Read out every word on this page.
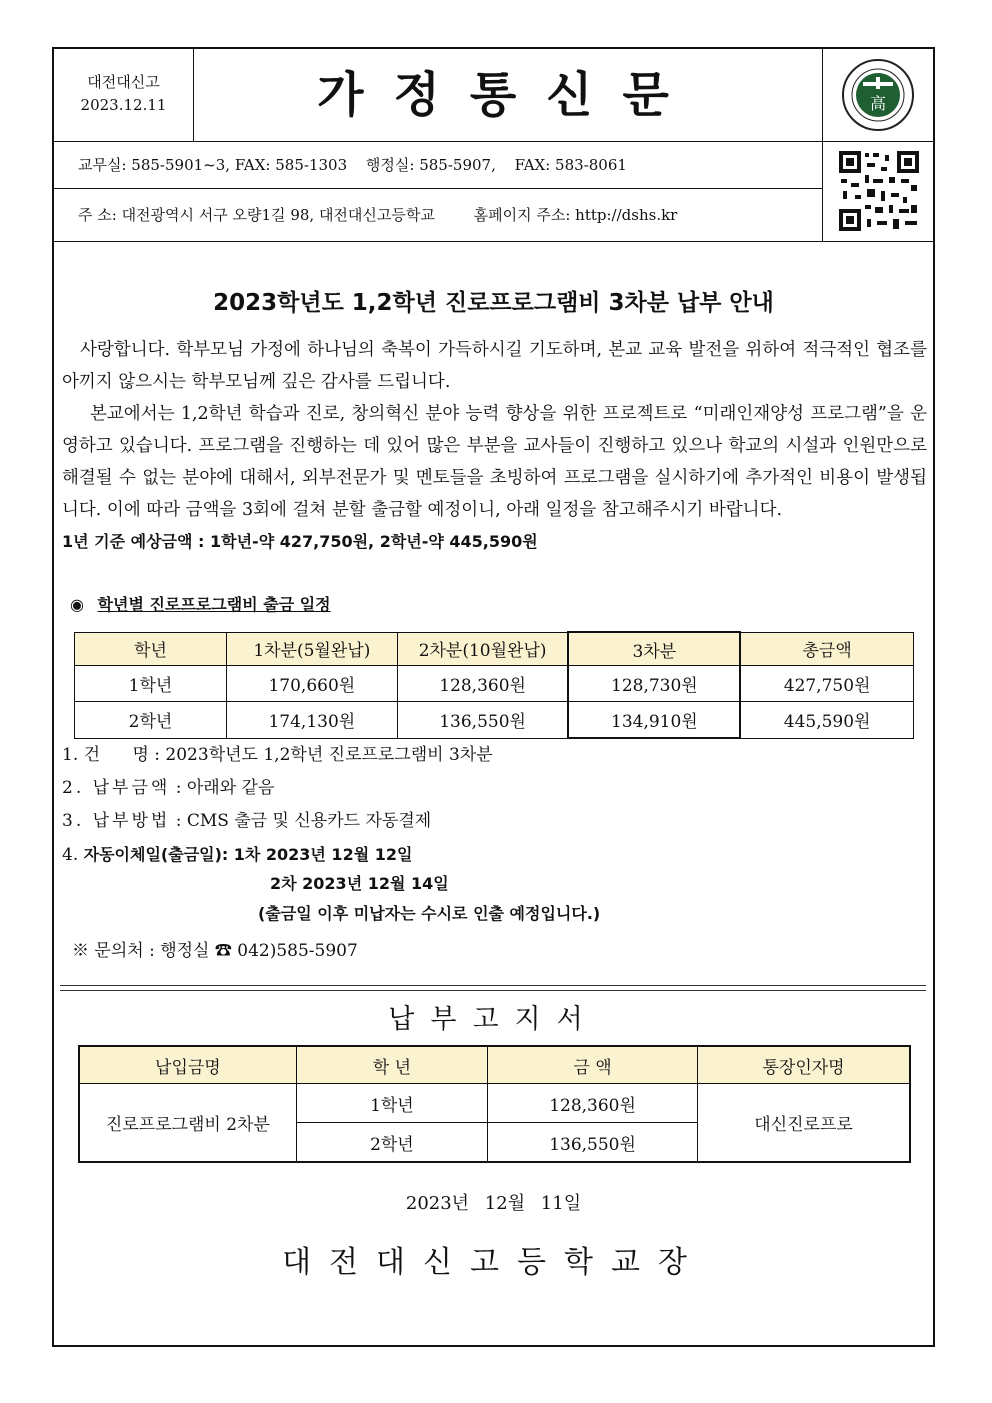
대전대신고
2023.12.11	가정통신문	高
교무실: 585-5901~3, FAX: 585-1303 행정실: 585-5907, FAX: 583-8061
주 소: 대전광역시 서구 오량1길 98, 대전대신고등학교	홈페이지 주소: http://dshs.kr
2023학년도 1,2학년 진로프로그램비 3차분 납부 안내

사랑합니다. 학부모님 가정에 하나님의 축복이 가득하시길 기도하며, 본교 교육 발전을 위하여 적극적인 협조를 아끼지 않으시는 학부모님께 깊은 감사를 드립니다.

본교에서는 1,2학년 학습과 진로, 창의혁신 분야 능력 향상을 위한 프로젝트로 “미래인재양성 프로그램”을 운영하고 있습니다. 프로그램을 진행하는 데 있어 많은 부분을 교사들이 진행하고 있으나 학교의 시설과 인원만으로 해결될 수 없는 분야에 대해서, 외부전문가 및 멘토들을 초빙하여 프로그램을 실시하기에 추가적인 비용이 발생됩니다. 이에 따라 금액을 3회에 걸쳐 분할 출금할 예정이니, 아래 일정을 참고해주시기 바랍니다.

1년 기준 예상금액 : 1학년-약 427,750원, 2학년-약 445,590원
◉ 학년별 진로프로그램비 출금 일정
학년	1차분(5월완납)	2차분(10월완납)	3차분	총금액
1학년	170,660원	128,360원	128,730원	427,750원
2학년	174,130원	136,550원	134,910원	445,590원
1. 건      명 : 2023학년도 1,2학년 진로프로그램비 3차분
2. 납부금액 : 아래와 같음
3. 납부방법 : CMS 출금 및 신용카드 자동결제
4. 자동이체일(출금일): 1차 2023년 12월 12일
2차 2023년 12월 14일
(출금일 이후 미납자는 수시로 인출 예정입니다.)
※ 문의처 : 행정실 ☎ 042)585-5907
납부고지서
납입금명	학 년	금 액	통장인자명
진로프로그램비 2차분	1학년	128,360원	대신진로프로
	2학년	136,550원	
2023년 12월 11일
대전대신고등학교장
